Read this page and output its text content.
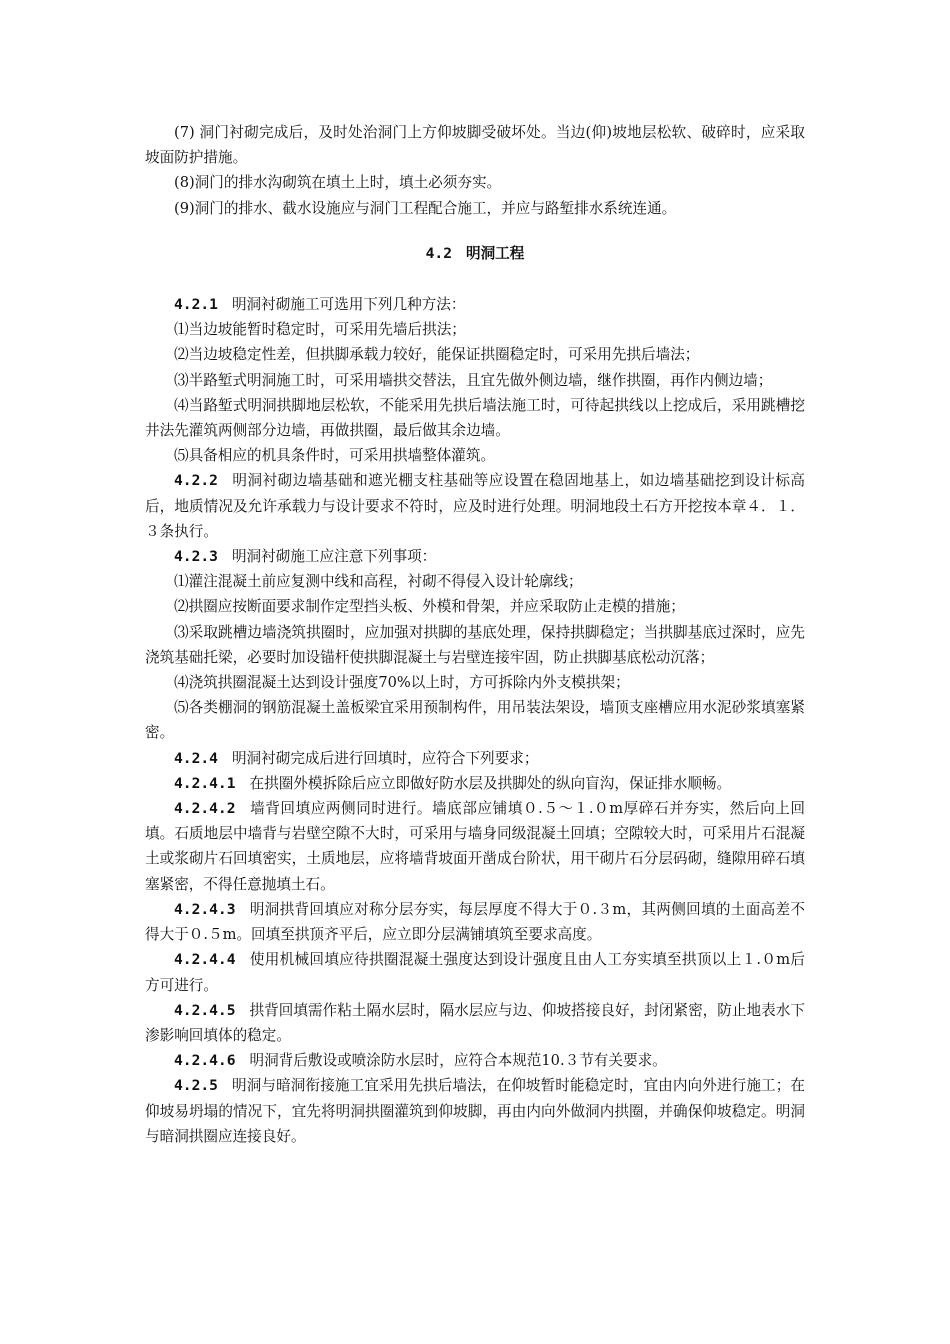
(7) 洞门衬砌完成后，及时处治洞门上方仰坡脚受破坏处。当边(仰)坡地层松软、破碎时，应采取坡面防护措施。

(8)洞门的排水沟砌筑在填土上时，填土必须夯实。

(9)洞门的排水、截水设施应与洞门工程配合施工，并应与路堑排水系统连通。

4.2 明洞工程

4.2.1 明洞衬砌施工可选用下列几种方法：

⑴当边坡能暂时稳定时，可采用先墙后拱法；

⑵当边坡稳定性差，但拱脚承载力较好，能保证拱圈稳定时，可采用先拱后墙法；

⑶半路堑式明洞施工时，可采用墙拱交替法，且宜先做外侧边墙，继作拱圈，再作内侧边墙；

⑷当路堑式明洞拱脚地层松软，不能采用先拱后墙法施工时，可待起拱线以上挖成后，采用跳槽挖井法先灌筑两侧部分边墙，再做拱圈，最后做其余边墙。

⑸具备相应的机具条件时，可采用拱墙整体灌筑。

4.2.2 明洞衬砌边墙基础和遮光棚支柱基础等应设置在稳固地基上，如边墙基础挖到设计标高后，地质情况及允许承载力与设计要求不符时，应及时进行处理。明洞地段土石方开挖按本章４．１．３条执行。

4.2.3 明洞衬砌施工应注意下列事项：

⑴灌注混凝土前应复测中线和高程，衬砌不得侵入设计轮廓线；

⑵拱圈应按断面要求制作定型挡头板、外模和骨架，并应采取防止走模的措施；

⑶采取跳槽边墙浇筑拱圈时，应加强对拱脚的基底处理，保持拱脚稳定；当拱脚基底过深时，应先浇筑基础托梁，必要时加设锚杆使拱脚混凝土与岩壁连接牢固，防止拱脚基底松动沉落；

⑷浇筑拱圈混凝土达到设计强度70%以上时，方可拆除内外支模拱架；

⑸各类棚洞的钢筋混凝土盖板梁宜采用预制构件，用吊装法架设，墙顶支座槽应用水泥砂浆填塞紧密。

4.2.4 明洞衬砌完成后进行回填时，应符合下列要求；

4.2.4.1 在拱圈外模拆除后应立即做好防水层及拱脚处的纵向盲沟，保证排水顺畅。

4.2.4.2 墙背回填应两侧同时进行。墙底部应铺填０.５～１.０m厚碎石并夯实，然后向上回填。石质地层中墙背与岩壁空隙不大时，可采用与墙身同级混凝土回填；空隙较大时，可采用片石混凝土或浆砌片石回填密实，土质地层，应将墙背坡面开凿成台阶状，用干砌片石分层码砌，缝隙用碎石填塞紧密，不得任意抛填土石。

4.2.4.3 明洞拱背回填应对称分层夯实，每层厚度不得大于０.３m，其两侧回填的土面高差不得大于０.５m。回填至拱顶齐平后，应立即分层满铺填筑至要求高度。

4.2.4.4 使用机械回填应待拱圈混凝土强度达到设计强度且由人工夯实填至拱顶以上１.０m后方可进行。

4.2.4.5 拱背回填需作粘土隔水层时，隔水层应与边、仰坡搭接良好，封闭紧密，防止地表水下渗影响回填体的稳定。

4.2.4.6 明洞背后敷设或喷涂防水层时，应符合本规范10.３节有关要求。

4.2.5 明洞与暗洞衔接施工宜采用先拱后墙法，在仰坡暂时能稳定时，宜由内向外进行施工；在仰坡易坍塌的情况下，宜先将明洞拱圈灌筑到仰坡脚，再由内向外做洞内拱圈，并确保仰坡稳定。明洞与暗洞拱圈应连接良好。
